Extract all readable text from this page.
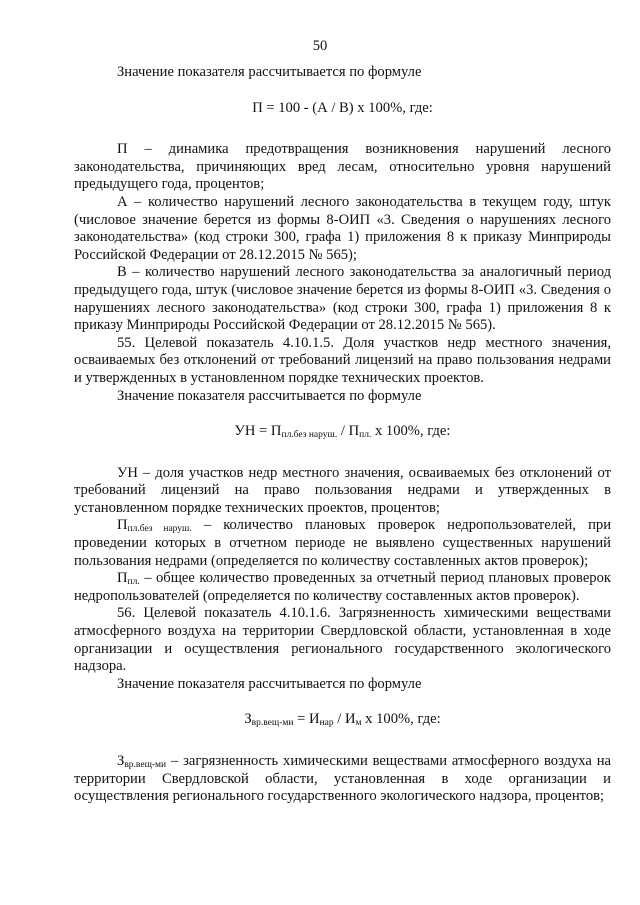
50

Значение показателя рассчитывается по формуле

П = 100 - (А / В) x 100%, где:

П – динамика предотвращения возникновения нарушений лесного законодательства, причиняющих вред лесам, относительно уровня нарушений предыдущего года, процентов;

А – количество нарушений лесного законодательства в текущем году, штук (числовое значение берется из формы 8-ОИП «3. Сведения о нарушениях лесного законодательства» (код строки 300, графа 1) приложения 8 к приказу Минприроды Российской Федерации от 28.12.2015 № 565);

В – количество нарушений лесного законодательства за аналогичный период предыдущего года, штук (числовое значение берется из формы 8-ОИП «3. Сведения о нарушениях лесного законодательства» (код строки 300, графа 1) приложения 8 к приказу Минприроды Российской Федерации от 28.12.2015 № 565).

55. Целевой показатель 4.10.1.5. Доля участков недр местного значения, осваиваемых без отклонений от требований лицензий на право пользования недрами и утвержденных в установленном порядке технических проектов.

Значение показателя рассчитывается по формуле

УН = $П_{пл.без наруш.} / П_{пл.}$ x 100%, где:

УН – доля участков недр местного значения, осваиваемых без отклонений от требований лицензий на право пользования недрами и утвержденных в установленном порядке технических проектов, процентов;

$П_{пл.без наруш.}$ – количество плановых проверок недропользователей, при проведении которых в отчетном периоде не выявлено существенных нарушений пользования недрами (определяется по количеству составленных актов проверок);

$П_{пл.}$ – общее количество проведенных за отчетный период плановых проверок недропользователей (определяется по количеству составленных актов проверок).

56. Целевой показатель 4.10.1.6. Загрязненность химическими веществами атмосферного воздуха на территории Свердловской области, установленная в ходе организации и осуществления регионального государственного экологического надзора.

Значение показателя рассчитывается по формуле

$З_{вр.вещ-ми} = И_{нар} / И_м$ x 100%, где:

$З_{вр.вещ-ми}$ – загрязненность химическими веществами атмосферного воздуха на территории Свердловской области, установленная в ходе организации и осуществления регионального государственного экологического надзора, процентов;
